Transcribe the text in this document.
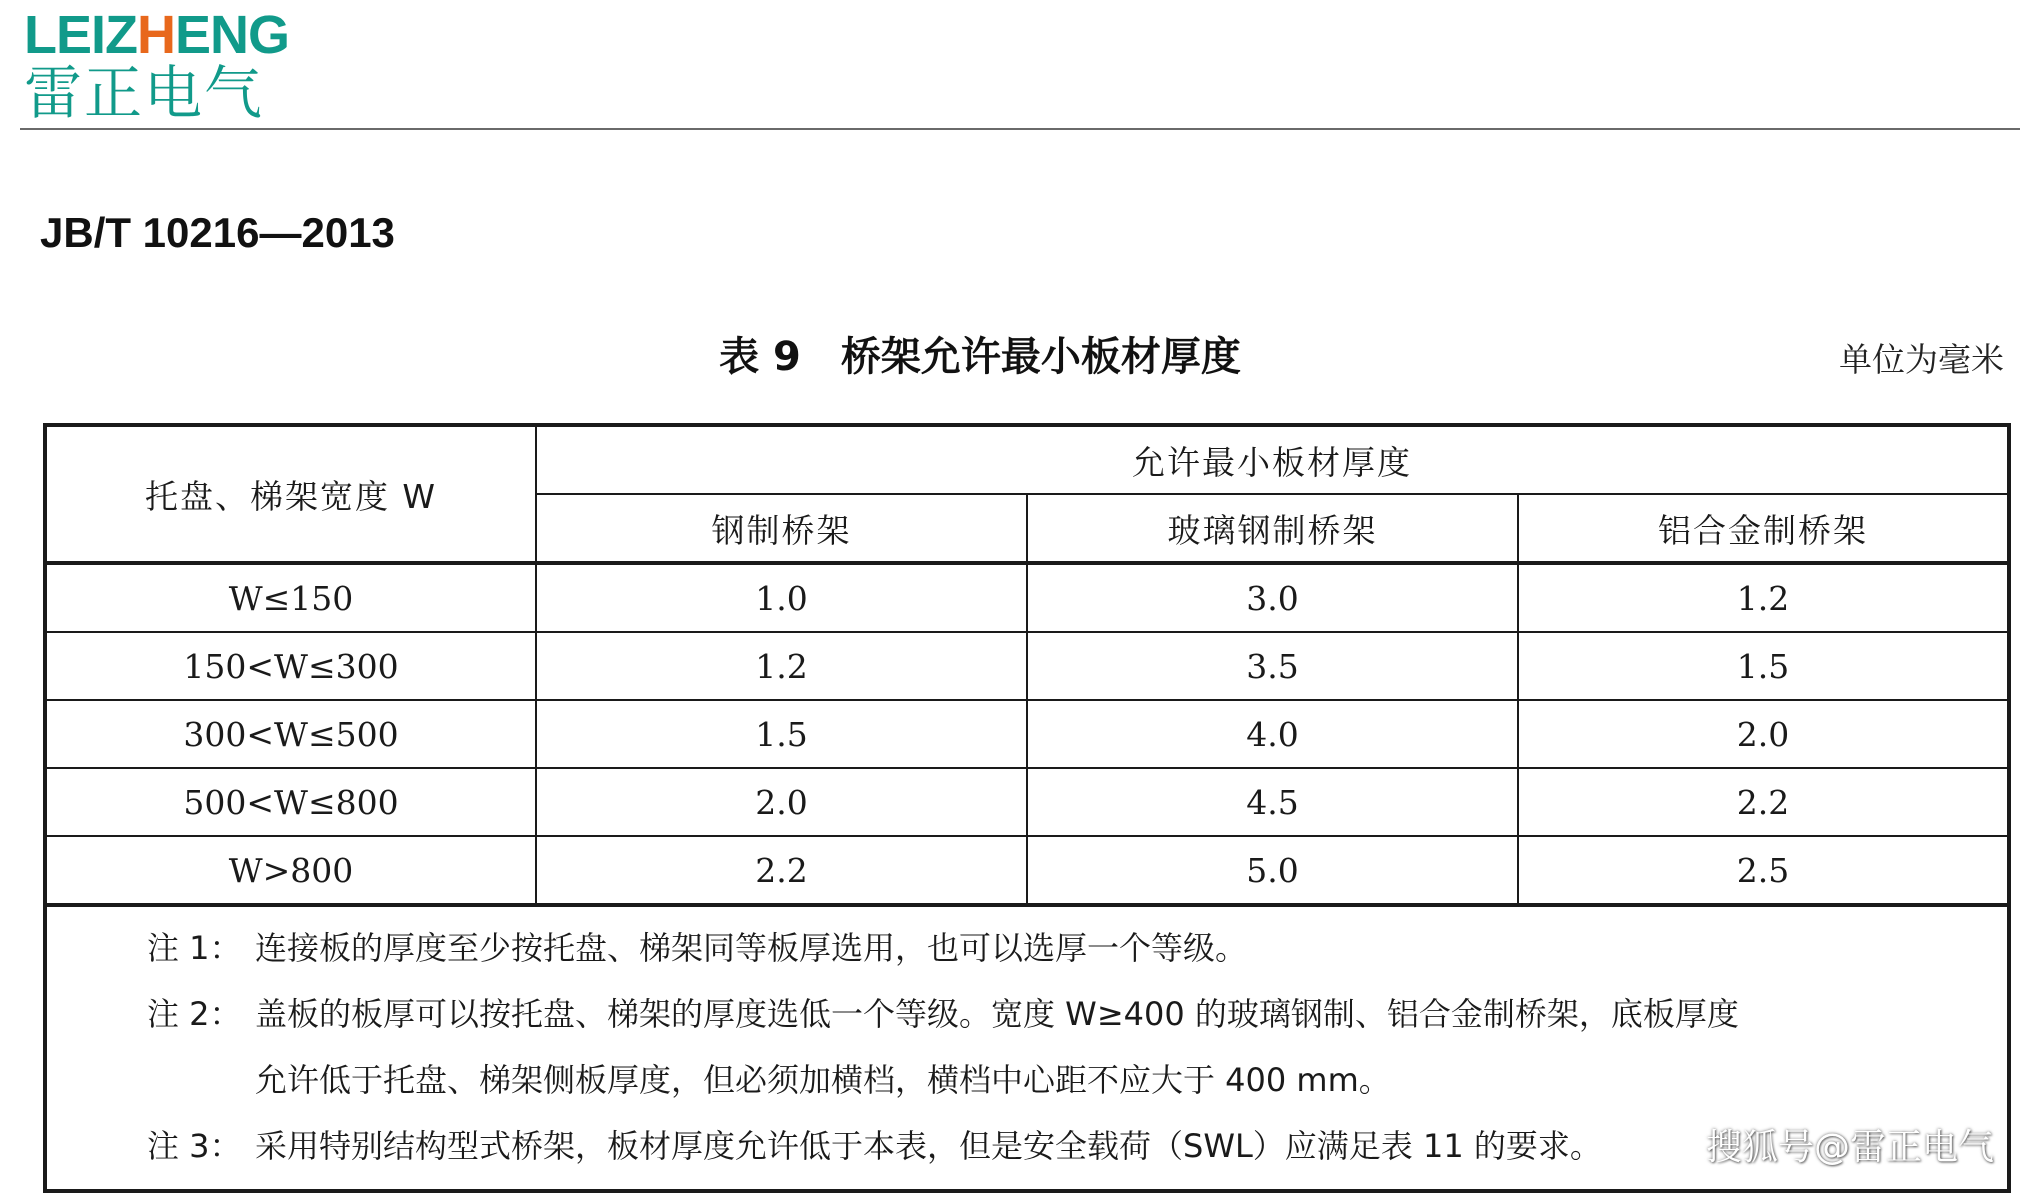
LEIZHENG
雷正电气
JB/T 10216—2013
表 9　桥架允许最小板材厚度	单位为毫米
托盘、梯架宽度 W	允许最小板材厚度		
	钢制桥架	玻璃钢制桥架	铝合金制桥架
W≤150	1.0	3.0	1.2
150<W≤300	1.2	3.5	1.5
300<W≤500	1.5	4.0	2.0
500<W≤800	2.0	4.5	2.2
W>800	2.2	5.0	2.5

注 1： 连接板的厚度至少按托盘、梯架同等板厚选用，也可以选厚一个等级。
注 2： 盖板的板厚可以按托盘、梯架的厚度选低一个等级。宽度 W≥400 的玻璃钢制、铝合金制桥架，底板厚度
允许低于托盘、梯架侧板厚度，但必须加横档，横档中心距不应大于 400 mm。
注 3： 采用特别结构型式桥架，板材厚度允许低于本表，但是安全载荷（SWL）应满足表 11 的要求。				搜狐号@雷正电气
